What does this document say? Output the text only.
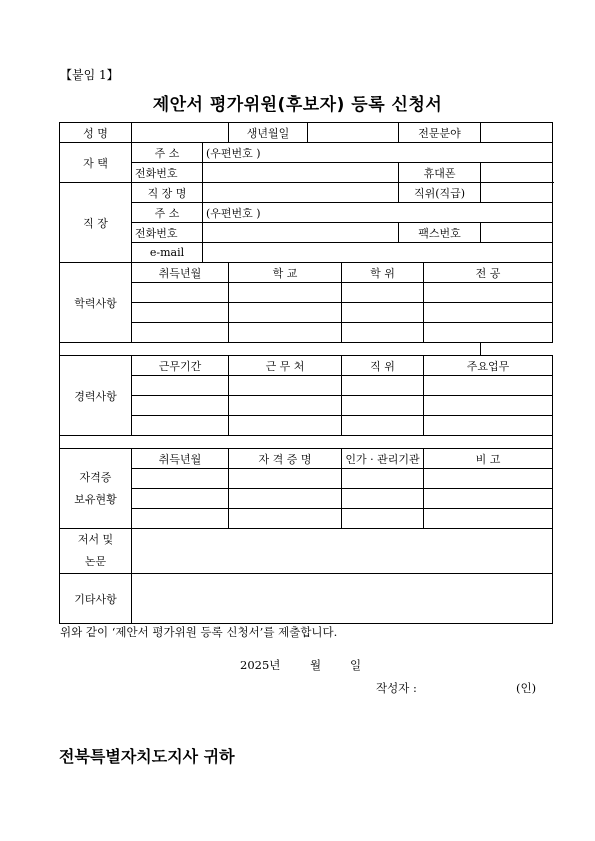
【붙임 1】
제안서 평가위원(후보자) 등록 신청서
성 명			생년월일			전문분야		
자 택	주 소	(우편번호 )						
	전화번호					휴대폰		
직 장	직 장 명					직위(직급)		
	주 소	(우편번호 )						
	전화번호					팩스번호		
	e-mail							
학력사항	취득년월		학 교		학 위		전 공	

경력사항	근무기간		근 무 처		직 위		주요업무	

자격증
보유현황	취득년월		자 격 증 명		인가 · 관리기관		비 고	

저서 및
논문								
기타사항								
위와 같이 ‘제안서 평가위원 등록 신청서’를 제출합니다.
2025년	월	일
작성자 :	(인)
전북특별자치도지사 귀하
